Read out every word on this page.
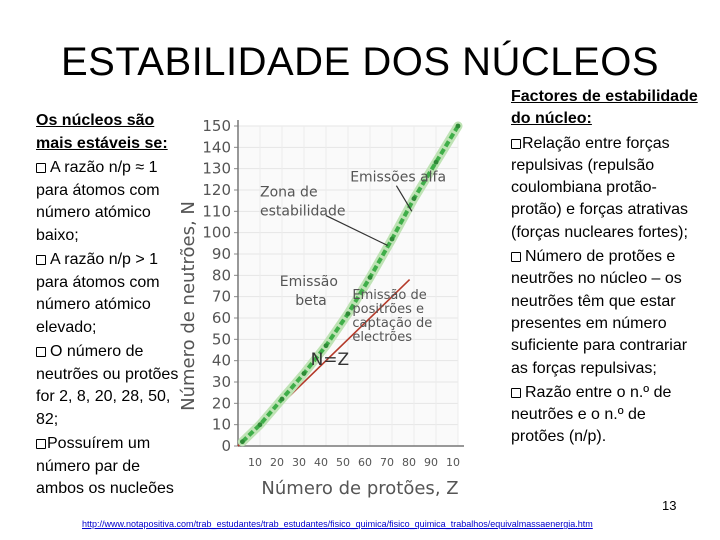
ESTABILIDADE DOS NÚCLEOS
Os núcleos são mais estáveis se:
A razão n/p ≈ 1 para átomos com número atómico baixo;
A razão n/p > 1 para átomos com número atómico elevado;
O número de neutrões ou protões for 2, 8, 20, 28, 50, 82;
Possuírem um número par de ambos os nucleões
0
10
20
30
40
50
60
70
80
90
100
110
120
130
140
150
10 20 30 40 50 60 70 80 90 10
Emissões alfa
Zona de
estabilidade
Emissão
beta Emissão de
positrões e
captação de
electrões
N=Z
Número de protões, Z
Número de neutrões, N
Factores de estabilidade do núcleo:
Relação entre forças repulsivas (repulsão coulombiana protão-protão) e forças atrativas (forças nucleares fortes);
Número de protões e neutrões no núcleo – os neutrões têm que estar presentes em número suficiente para contrariar as forças repulsivas;
Razão entre o n.º de neutrões e o n.º de protões (n/p).
13
http://www.notapositiva.com/trab_estudantes/trab_estudantes/fisico_quimica/fisico_quimica_trabalhos/equivalmassaenergia.htm
